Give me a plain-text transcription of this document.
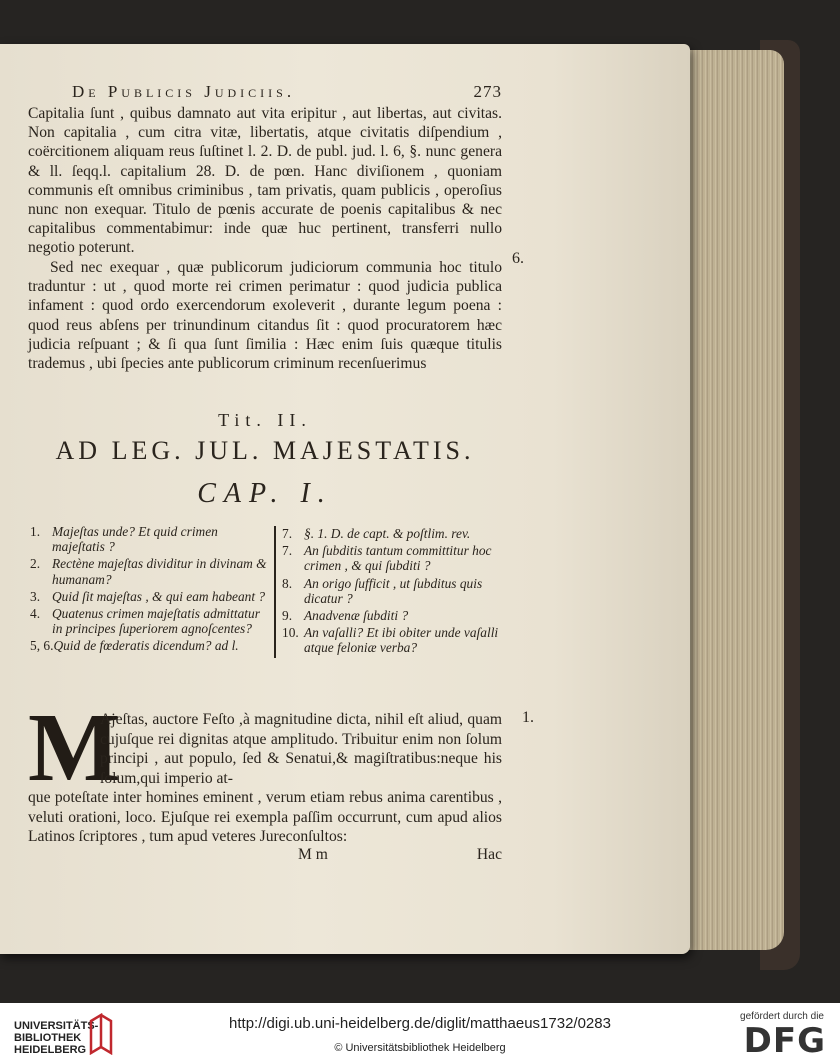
De Publicis Judiciis.	273
Capitalia ſunt , quibus damnato aut vita eripitur , aut libertas, aut civitas. Non capitalia , cum citra vitæ, libertatis, atque civitatis diſpendium , coërcitionem aliquam reus ſuſtinet l. 2. D. de publ. jud. l. 6, §. nunc genera & ll. ſeqq.l. capitalium 28. D. de pœn. Hanc diviſionem , quoniam communis eſt omnibus criminibus , tam privatis, quam publicis , operoſius nunc non exequar. Titulo de pœnis accurate de poenis capitalibus & nec capitalibus commentabimur: inde quæ huc pertinent, transferri nullo negotio poterunt.
Sed nec exequar , quæ publicorum judiciorum communia hoc titulo traduntur : ut , quod morte rei crimen perimatur : quod judicia publica infament : quod ordo exercendorum exoleverit , durante legum poena : quod reus abſens per trinundinum citandus ſit : quod procuratorem hæc judicia reſpuant ; & ſi qua ſunt ſimilia : Hæc enim ſuis quæque titulis trademus , ubi ſpecies ante publicorum criminum recenſuerimus
6.
Tit. II.
AD LEG. JUL. MAJESTATIS.
CAP. I.
1. Majeſtas unde? Et quid crimen majeſtatis ?
2. Rectène majeſtas dividitur in divinam & humanam?
3. Quid ſit majeſtas , & qui eam habeant ?
4. Quatenus crimen majeſtatis admittatur in principes ſuperiorem agnoſcentes?
5, 6. Quid de fœderatis dicendum? ad l.
7. §. 1. D. de capt. & poſtlim. rev.
7. An ſubditis tantum committitur hoc crimen , & qui ſubditi ?
8. An origo ſufficit , ut ſubditus quis dicatur ?
9. Anadvenæ ſubditi ?
10. An vaſalli? Et ibi obiter unde vaſalli atque feloniæ verba?
M
Ajeſtas, auctore Feſto ,à magnitudine dicta, nihil eſt aliud, quam cujuſque rei dignitas atque amplitudo. Tribuitur enim non ſolum principi , aut populo, ſed & Senatui,& magiſtratibus:neque his ſolum,qui imperio at-
1.
que poteſtate inter homines eminent , verum etiam rebus anima carentibus , veluti orationi, loco. Ejuſque rei exempla paſſim occurrunt, cum apud alios Latinos ſcriptores , tum apud veteres Jureconſultos:
M m	Hac
UNIVERSITÄTS-
BIBLIOTHEK
HEIDELBERG
http://digi.ub.uni-heidelberg.de/diglit/matthaeus1732/0283
© Universitätsbibliothek Heidelberg
gefördert durch die
DFG
